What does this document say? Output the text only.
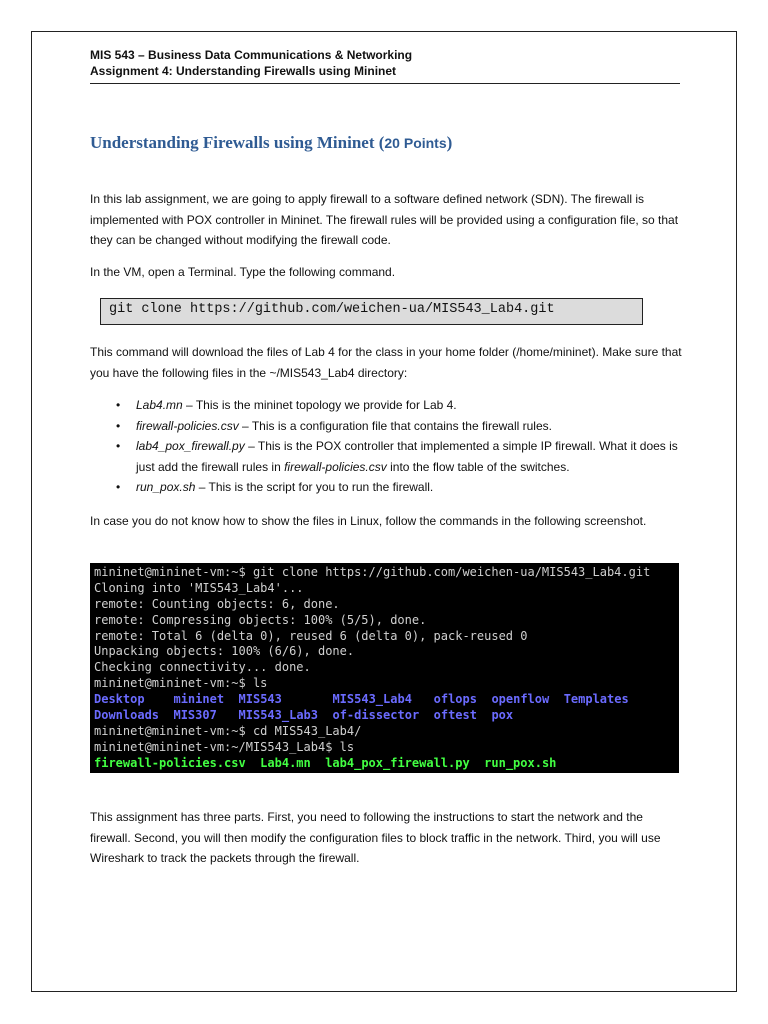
MIS 543 – Business Data Communications & Networking
Assignment 4: Understanding Firewalls using Mininet
Understanding Firewalls using Mininet (20 Points)
In this lab assignment, we are going to apply firewall to a software defined network (SDN). The firewall is implemented with POX controller in Mininet. The firewall rules will be provided using a configuration file, so that they can be changed without modifying the firewall code.
In the VM, open a Terminal. Type the following command.
git clone https://github.com/weichen-ua/MIS543_Lab4.git
This command will download the files of Lab 4 for the class in your home folder (/home/mininet). Make sure that you have the following files in the ~/MIS543_Lab4 directory:
• Lab4.mn – This is the mininet topology we provide for Lab 4.
• firewall-policies.csv – This is a configuration file that contains the firewall rules.
• lab4_pox_firewall.py – This is the POX controller that implemented a simple IP firewall. What it does is just add the firewall rules in firewall-policies.csv into the flow table of the switches.
• run_pox.sh – This is the script for you to run the firewall.
In case you do not know how to show the files in Linux, follow the commands in the following screenshot.
mininet@mininet-vm:~$ git clone https://github.com/weichen-ua/MIS543_Lab4.git
Cloning into 'MIS543_Lab4'...
remote: Counting objects: 6, done.
remote: Compressing objects: 100% (5/5), done.
remote: Total 6 (delta 0), reused 6 (delta 0), pack-reused 0
Unpacking objects: 100% (6/6), done.
Checking connectivity... done.
mininet@mininet-vm:~$ ls
Desktop mininet MIS543	MIS543_Lab4 oflops openflow Templates
Downloads MIS307 MIS543_Lab3 of-dissector oftest pox
mininet@mininet-vm:~$ cd MIS543_Lab4/
mininet@mininet-vm:~/MIS543_Lab4$ ls
firewall-policies.csv Lab4.mn lab4_pox_firewall.py run_pox.sh
This assignment has three parts. First, you need to following the instructions to start the network and the firewall. Second, you will then modify the configuration files to block traffic in the network. Third, you will use Wireshark to track the packets through the firewall.
